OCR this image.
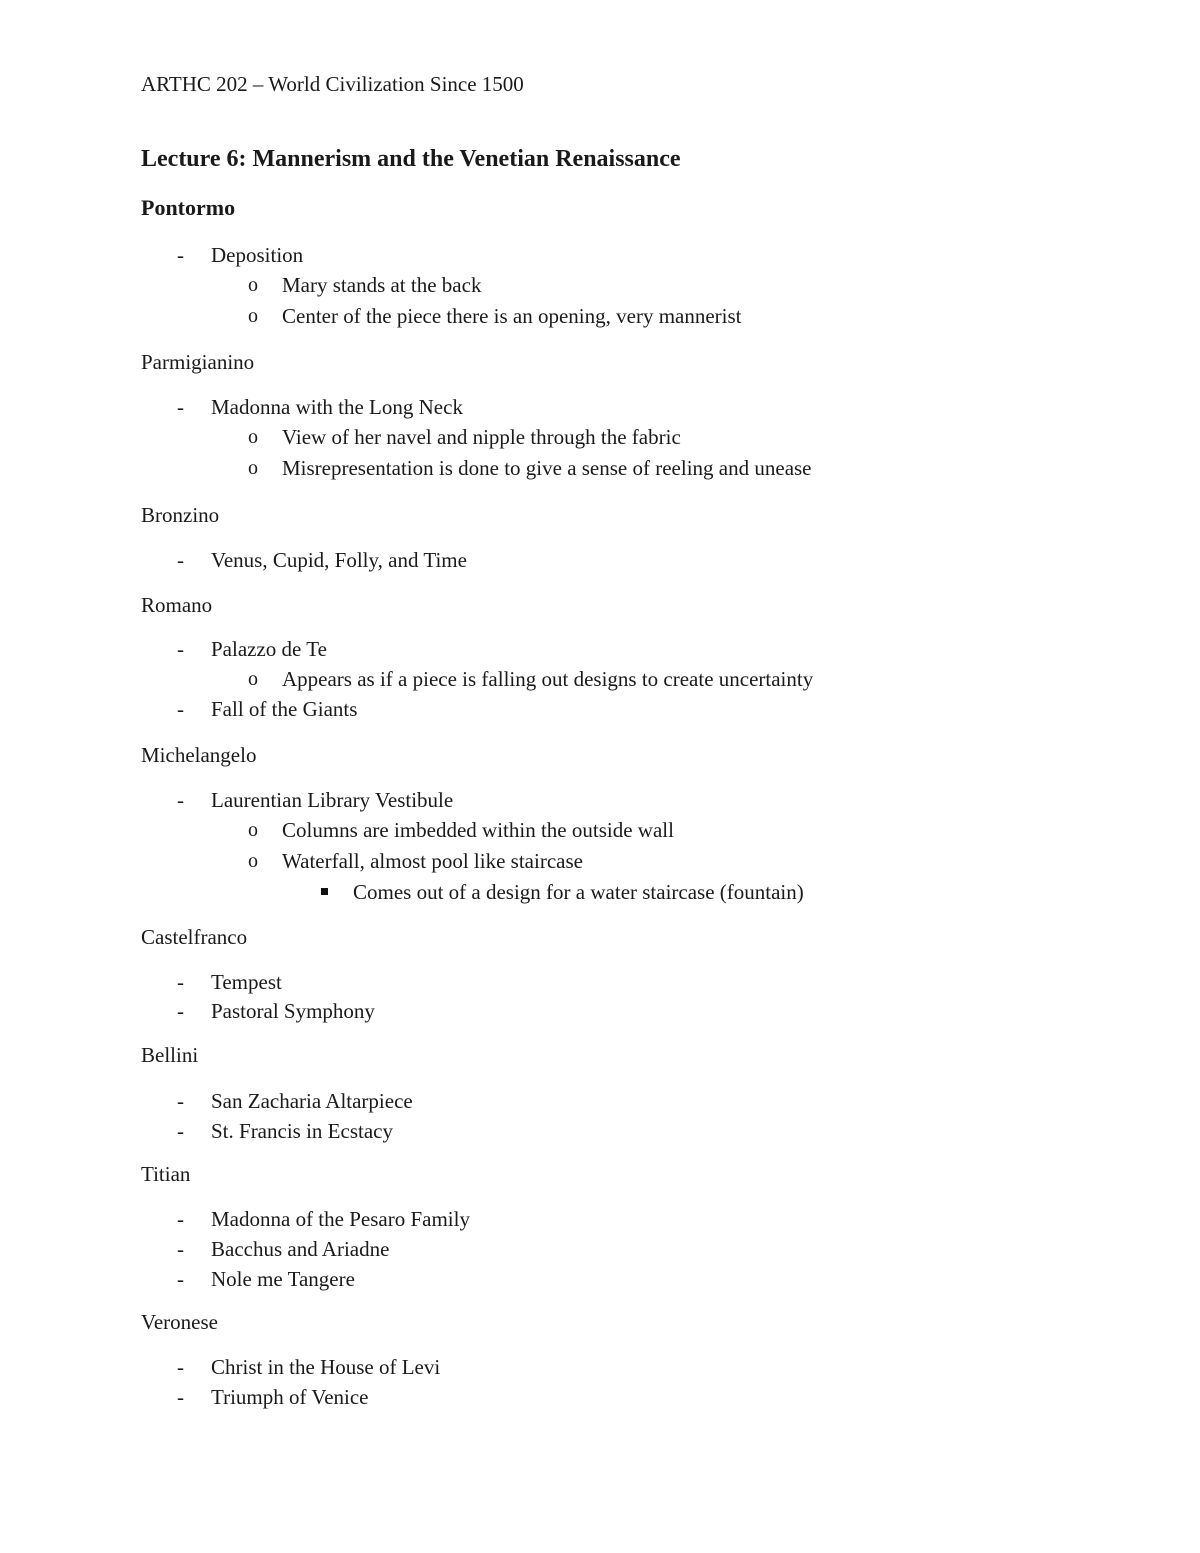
ARTHC 202 – World Civilization Since 1500
Lecture 6: Mannerism and the Venetian Renaissance
Pontormo
- Deposition
o Mary stands at the back
o Center of the piece there is an opening, very mannerist
Parmigianino
- Madonna with the Long Neck
o View of her navel and nipple through the fabric
o Misrepresentation is done to give a sense of reeling and unease
Bronzino
- Venus, Cupid, Folly, and Time
Romano
- Palazzo de Te
o Appears as if a piece is falling out designs to create uncertainty
- Fall of the Giants
Michelangelo
- Laurentian Library Vestibule
o Columns are imbedded within the outside wall
o Waterfall, almost pool like staircase
Comes out of a design for a water staircase (fountain)
Castelfranco
- Tempest
- Pastoral Symphony
Bellini
- San Zacharia Altarpiece
- St. Francis in Ecstacy
Titian
- Madonna of the Pesaro Family
- Bacchus and Ariadne
- Nole me Tangere
Veronese
- Christ in the House of Levi
- Triumph of Venice
